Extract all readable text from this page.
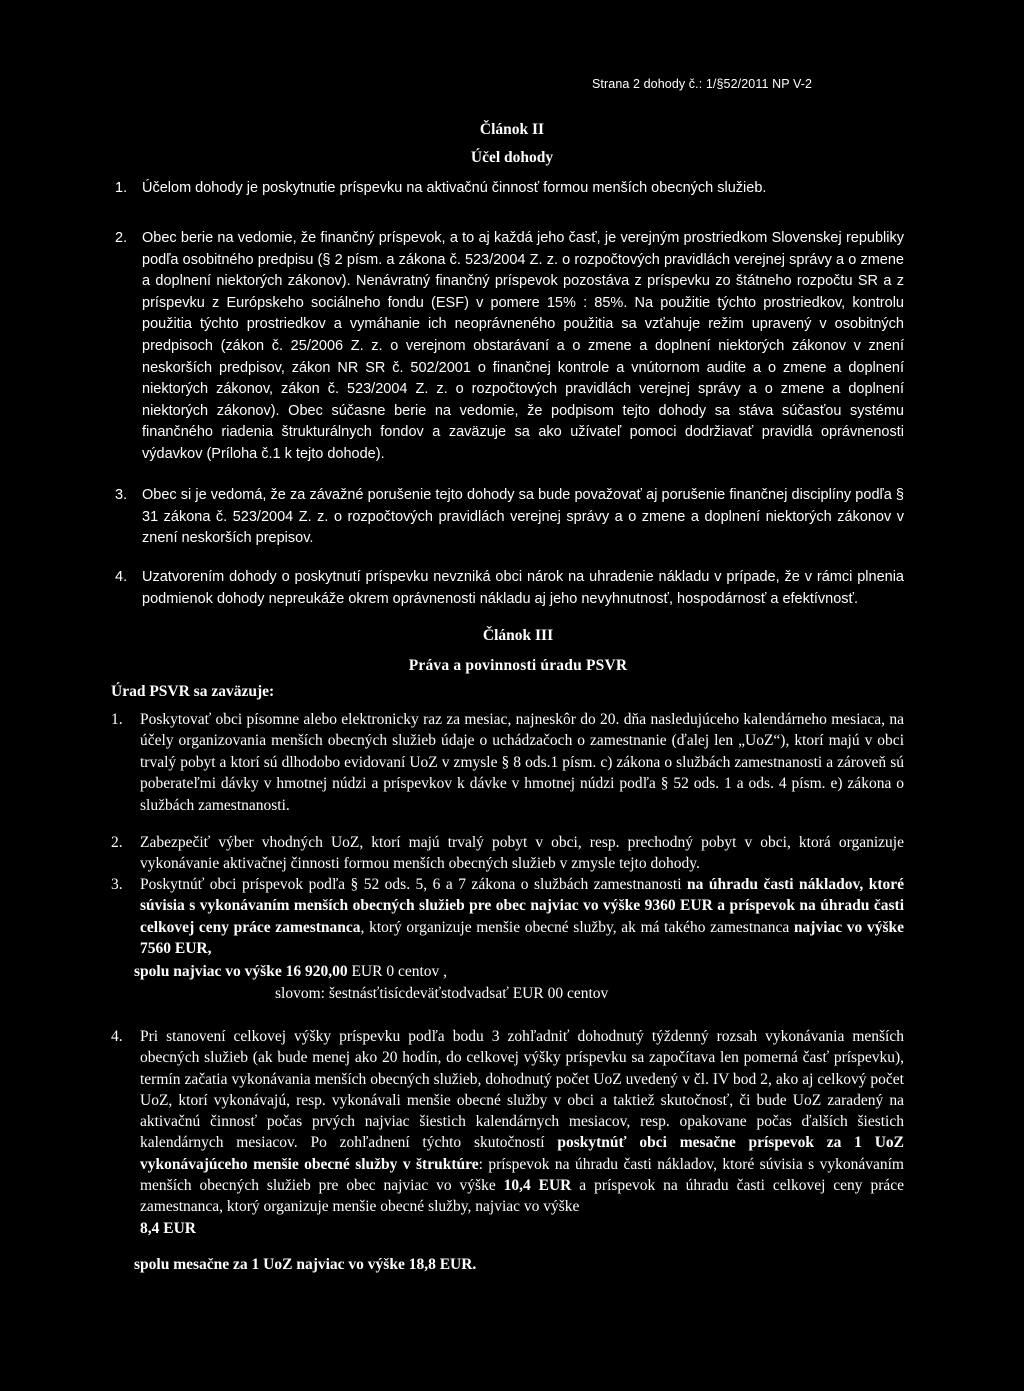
Strana 2 dohody č.: 1/§52/2011 NP V-2
Článok II
Účel dohody
1. Účelom dohody je poskytnutie príspevku na aktivačnú činnosť formou menších obecných služieb.

2. Obec berie na vedomie, že finančný príspevok, a to aj každá jeho časť, je verejným prostriedkom Slovenskej republiky podľa osobitného predpisu (§ 2 písm. a zákona č. 523/2004 Z. z. o rozpočtových pravidlách verejnej správy a o zmene a doplnení niektorých zákonov). Nenávratný finančný príspevok pozostáva z príspevku zo štátneho rozpočtu SR a z príspevku z Európskeho sociálneho fondu (ESF) v pomere 15% : 85%. Na použitie týchto prostriedkov, kontrolu použitia týchto prostriedkov a vymáhanie ich neoprávneného použitia sa vzťahuje režim upravený v osobitných predpisoch (zákon č. 25/2006 Z. z. o verejnom obstarávaní a o zmene a doplnení niektorých zákonov v znení neskorších predpisov, zákon NR SR č. 502/2001 o finančnej kontrole a vnútornom audite a o zmene a doplnení niektorých zákonov, zákon č. 523/2004 Z. z. o rozpočtových pravidlách verejnej správy a o zmene a doplnení niektorých zákonov). Obec súčasne berie na vedomie, že podpisom tejto dohody sa stáva súčasťou systému finančného riadenia štrukturálnych fondov a zaväzuje sa ako užívateľ pomoci dodržiavať pravidlá oprávnenosti výdavkov (Príloha č.1 k tejto dohode).

3. Obec si je vedomá, že za závažné porušenie tejto dohody sa bude považovať aj porušenie finančnej disciplíny podľa § 31 zákona č. 523/2004 Z. z. o rozpočtových pravidlách verejnej správy a o zmene a doplnení niektorých zákonov v znení neskorších prepisov.

4. Uzatvorením dohody o poskytnutí príspevku nevzniká obci nárok na uhradenie nákladu v prípade, že v rámci plnenia podmienok dohody nepreukáže okrem oprávnenosti nákladu aj jeho nevyhnutnosť, hospodárnosť a efektívnosť.

Článok III
Práva a povinnosti úradu PSVR
Úrad PSVR sa zaväzuje:
1. Poskytovať obci písomne alebo elektronicky raz za mesiac, najneskôr do 20. dňa nasledujúceho kalendárneho mesiaca, na účely organizovania menších obecných služieb údaje o uchádzačoch o zamestnanie (ďalej len „UoZ“), ktorí majú v obci trvalý pobyt a ktorí sú dlhodobo evidovaní UoZ v zmysle § 8 ods.1 písm. c) zákona o službách zamestnanosti a zároveň sú poberateľmi dávky v hmotnej núdzi a príspevkov k dávke v hmotnej núdzi podľa § 52 ods. 1 a ods. 4 písm. e) zákona o službách zamestnanosti.

2. Zabezpečiť výber vhodných UoZ, ktorí majú trvalý pobyt v obci, resp. prechodný pobyt v obci, ktorá organizuje vykonávanie aktivačnej činnosti formou menších obecných služieb v zmysle tejto dohody.

3. Poskytnúť obci príspevok podľa § 52 ods. 5, 6 a 7 zákona o službách zamestnanosti na úhradu časti nákladov, ktoré súvisia s vykonávaním menších obecných služieb pre obec najviac vo výške 9360 EUR a príspevok na úhradu časti celkovej ceny práce zamestnanca, ktorý organizuje menšie obecné služby, ak má takého zamestnanca najviac vo výške 7560 EUR,

spolu najviac vo výške 16 920,00 EUR 0 centov ,
slovom: šestnásťtisícdeväťstodvadsať EUR 00 centov
4. Pri stanovení celkovej výšky príspevku podľa bodu 3 zohľadniť dohodnutý týždenný rozsah vykonávania menších obecných služieb (ak bude menej ako 20 hodín, do celkovej výšky príspevku sa započítava len pomerná časť príspevku), termín začatia vykonávania menších obecných služieb, dohodnutý počet UoZ uvedený v čl. IV bod 2, ako aj celkový počet UoZ, ktorí vykonávajú, resp. vykonávali menšie obecné služby v obci a taktiež skutočnosť, či bude UoZ zaradený na aktivačnú činnosť počas prvých najviac šiestich kalendárnych mesiacov, resp. opakovane počas ďalších šiestich kalendárnych mesiacov. Po zohľadnení týchto skutočností poskytnúť obci mesačne príspevok za 1 UoZ vykonávajúceho menšie obecné služby v štruktúre: príspevok na úhradu časti nákladov, ktoré súvisia s vykonávaním menších obecných služieb pre obec najviac vo výške 10,4 EUR a príspevok na úhradu časti celkovej ceny práce zamestnanca, ktorý organizuje menšie obecné služby, najviac vo výške
8,4 EUR

spolu mesačne za 1 UoZ najviac vo výške 18,8 EUR.
